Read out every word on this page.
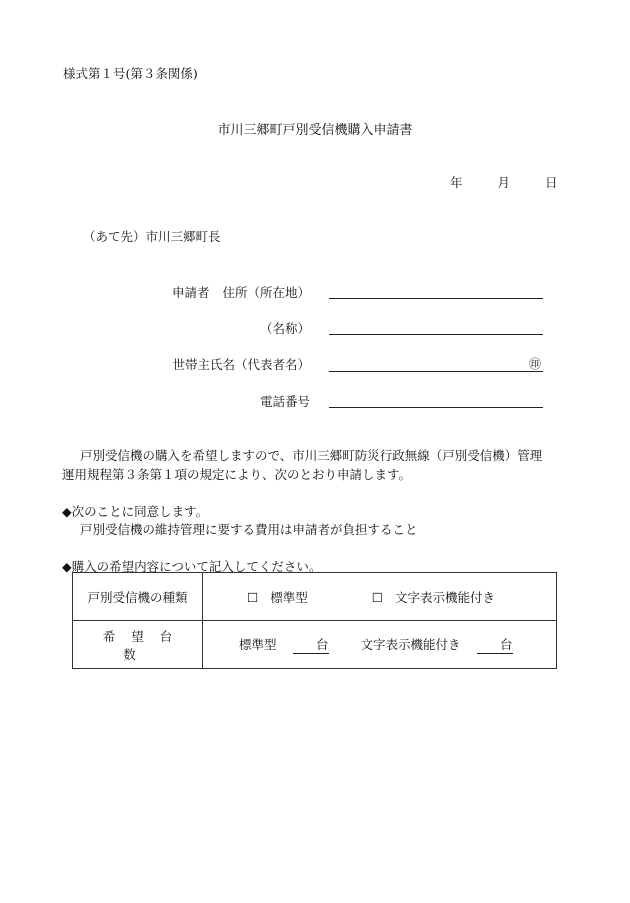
様式第１号(第３条関係)
市川三郷町戸別受信機購入申請書
年	月	日
（あて先）市川三郷町長
申請者	住所（所在地）
（名称）
世帯主氏名（代表者名）	㊞
電話番号
戸別受信機の購入を希望しますので、市川三郷町防災行政無線（戸別受信機）管理
運用規程第３条第１項の規定により、次のとおり申請します。
◆次のことに同意します。
戸別受信機の維持管理に要する費用は申請者が負担すること
◆購入の希望内容について記入してください。
戸別受信機の種類	☐ 標準型 ☐ 文字表示機能付き
希望台数	標準型 台 文字表示機能付き 台
